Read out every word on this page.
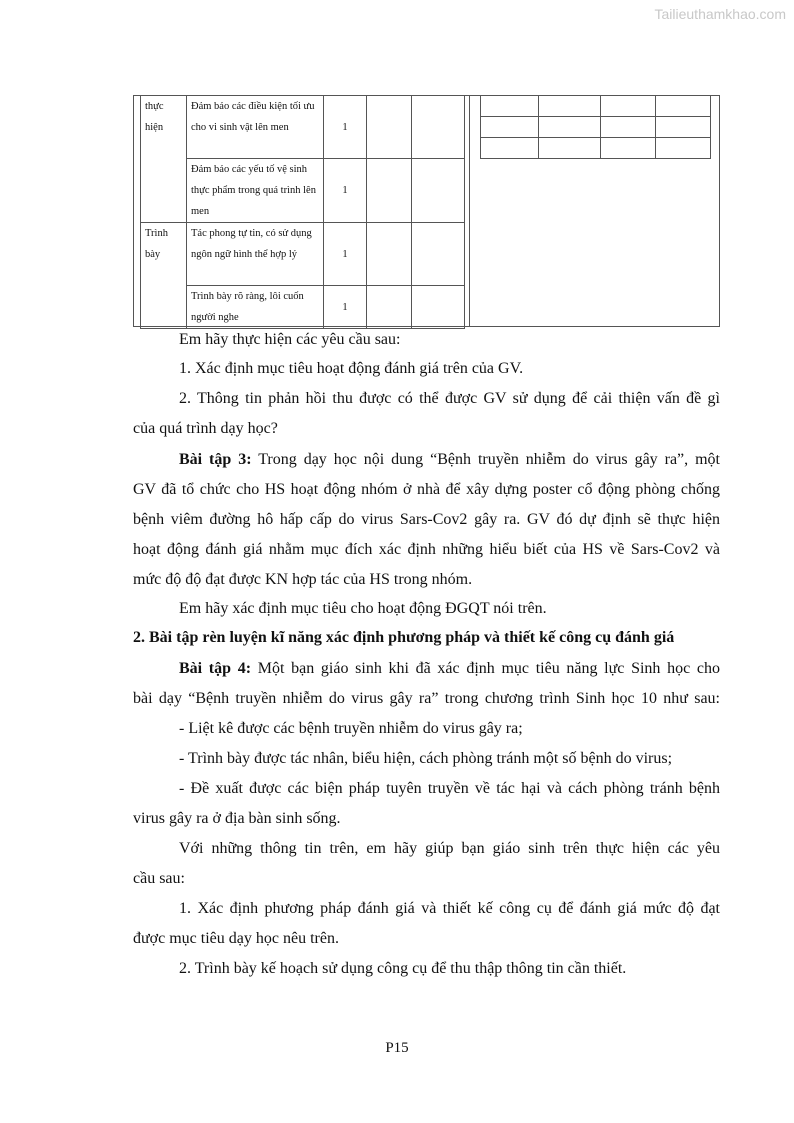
Tailieuthamkhao.com
thực hiện	Đảm bảo các điều kiện tối ưu cho vi sinh vật lên men	1		
	Đảm bảo các yếu tố vệ sinh thực phẩm trong quá trình lên men	1		
Trình bày	Tác phong tự tin, có sử dụng ngôn ngữ hình thể hợp lý	1		
	Trình bày rõ ràng, lôi cuốn người nghe	1		

Em hãy thực hiện các yêu cầu sau:
1. Xác định mục tiêu hoạt động đánh giá trên của GV.
2. Thông tin phản hồi thu được có thể được GV sử dụng để cải thiện vấn đề gì
của quá trình dạy học?
Bài tập 3: Trong dạy học nội dung “Bệnh truyền nhiễm do virus gây ra”, một
GV đã tổ chức cho HS hoạt động nhóm ở nhà để xây dựng poster cổ động phòng chống
bệnh viêm đường hô hấp cấp do virus Sars-Cov2 gây ra. GV đó dự định sẽ thực hiện
hoạt động đánh giá nhằm mục đích xác định những hiểu biết của HS về Sars-Cov2 và
mức độ độ đạt được KN hợp tác của HS trong nhóm.
Em hãy xác định mục tiêu cho hoạt động ĐGQT nói trên.
2. Bài tập rèn luyện kĩ năng xác định phương pháp và thiết kế công cụ đánh giá
Bài tập 4: Một bạn giáo sinh khi đã xác định mục tiêu năng lực Sinh học cho
bài dạy “Bệnh truyền nhiễm do virus gây ra” trong chương trình Sinh học 10 như sau:
- Liệt kê được các bệnh truyền nhiễm do virus gây ra;
- Trình bày được tác nhân, biểu hiện, cách phòng tránh một số bệnh do virus;
- Đề xuất được các biện pháp tuyên truyền về tác hại và cách phòng tránh bệnh
virus gây ra ở địa bàn sinh sống.
Với những thông tin trên, em hãy giúp bạn giáo sinh trên thực hiện các yêu
cầu sau:
1. Xác định phương pháp đánh giá và thiết kế công cụ để đánh giá mức độ đạt
được mục tiêu dạy học nêu trên.
2. Trình bày kế hoạch sử dụng công cụ để thu thập thông tin cần thiết.
P15
